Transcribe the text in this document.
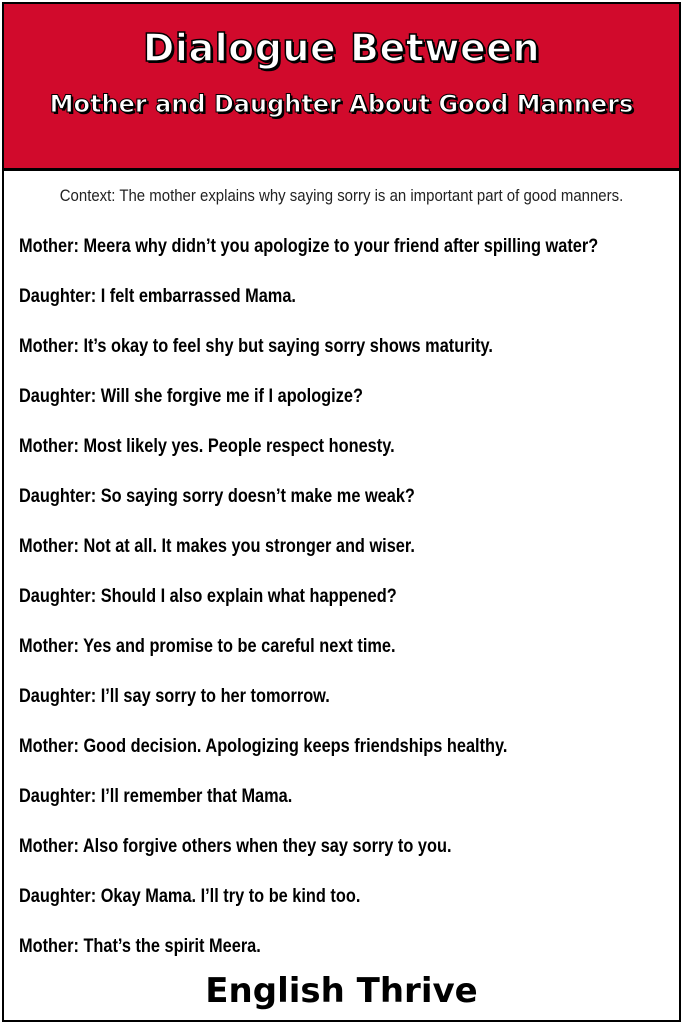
Dialogue Between
Mother and Daughter About Good Manners
Context: The mother explains why saying sorry is an important part of good manners.
Mother: Meera why didn’t you apologize to your friend after spilling water?
Daughter: I felt embarrassed Mama.
Mother: It’s okay to feel shy but saying sorry shows maturity.
Daughter: Will she forgive me if I apologize?
Mother: Most likely yes. People respect honesty.
Daughter: So saying sorry doesn’t make me weak?
Mother: Not at all. It makes you stronger and wiser.
Daughter: Should I also explain what happened?
Mother: Yes and promise to be careful next time.
Daughter: I’ll say sorry to her tomorrow.
Mother: Good decision. Apologizing keeps friendships healthy.
Daughter: I’ll remember that Mama.
Mother: Also forgive others when they say sorry to you.
Daughter: Okay Mama. I’ll try to be kind too.
Mother: That’s the spirit Meera.
English Thrive
